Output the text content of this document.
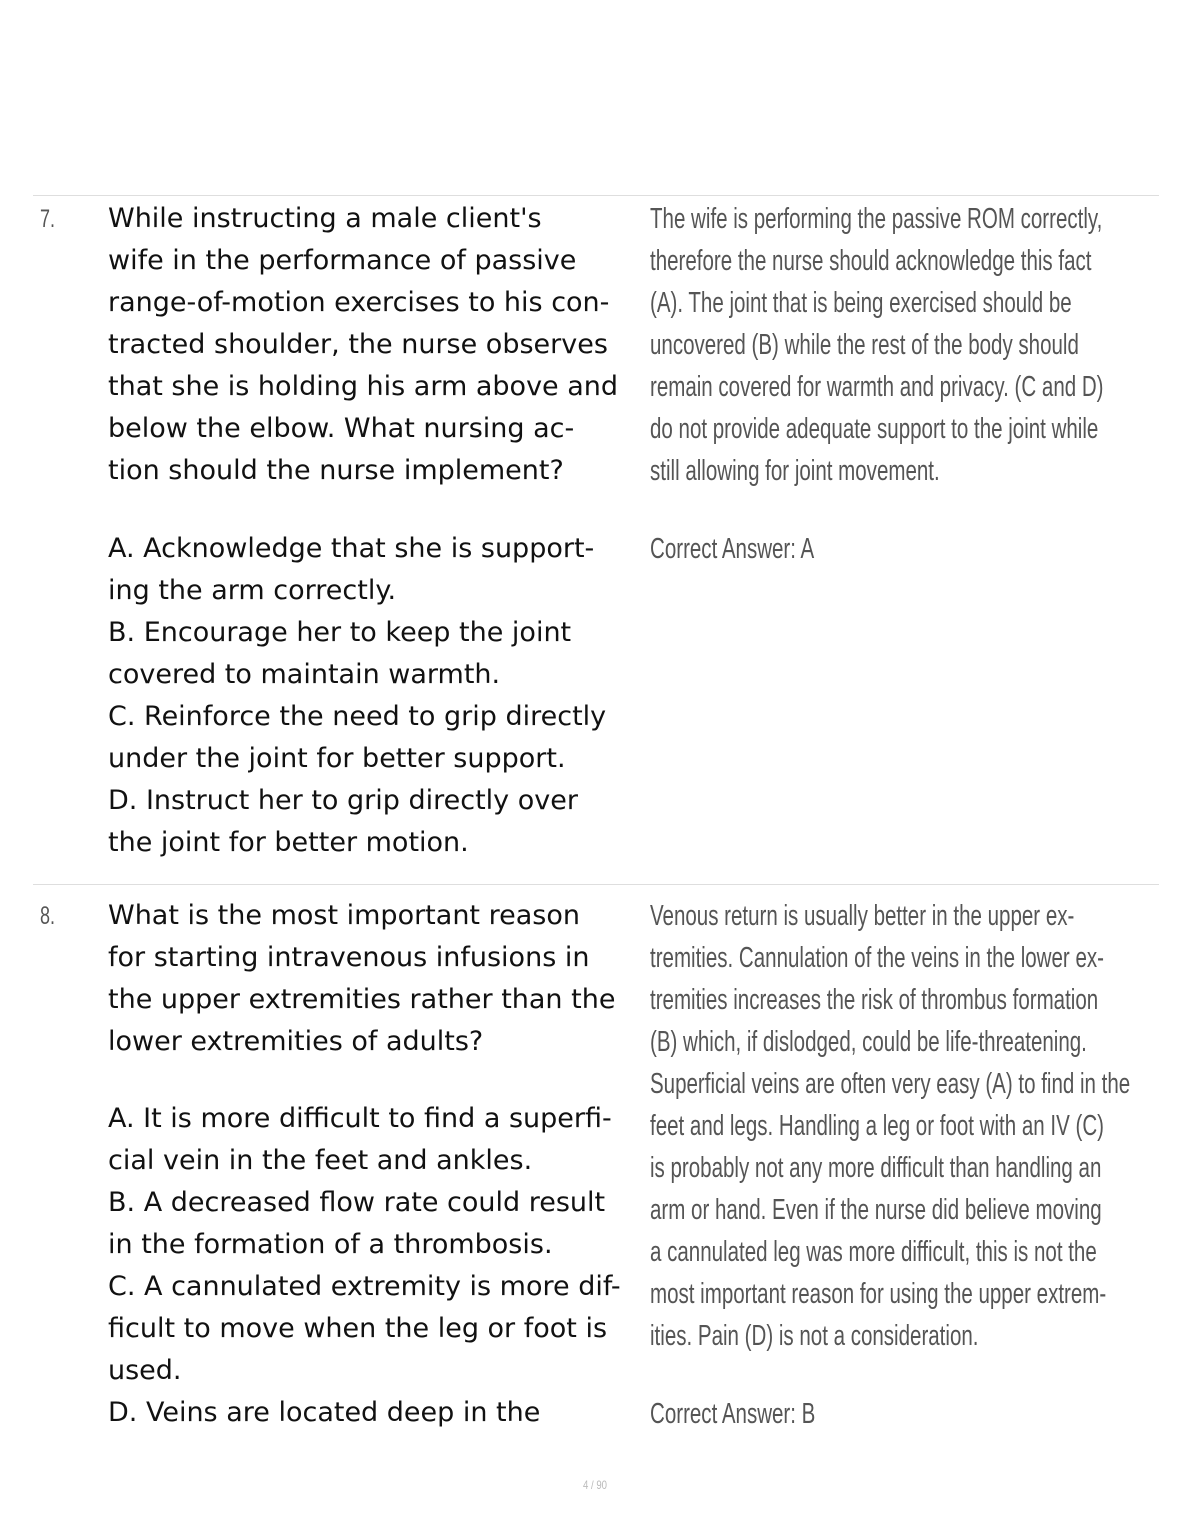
7. While instructing a male client's
wife in the performance of passive
range-of-motion exercises to his con-
tracted shoulder, the nurse observes
that she is holding his arm above and
below the elbow. What nursing ac-
tion should the nurse implement?
A. Acknowledge that she is support-
ing the arm correctly.
B. Encourage her to keep the joint
covered to maintain warmth.
C. Reinforce the need to grip directly
under the joint for better support.
D. Instruct her to grip directly over
the joint for better motion.
The wife is performing the passive ROM correctly,
therefore the nurse should acknowledge this fact
(A). The joint that is being exercised should be
uncovered (B) while the rest of the body should
remain covered for warmth and privacy. (C and D)
do not provide adequate support to the joint while
still allowing for joint movement.
Correct Answer: A
8. What is the most important reason
for starting intravenous infusions in
the upper extremities rather than the
lower extremities of adults?
A. It is more difficult to find a superfi-
cial vein in the feet and ankles.
B. A decreased flow rate could result
in the formation of a thrombosis.
C. A cannulated extremity is more dif-
ficult to move when the leg or foot is
used.
D. Veins are located deep in the
Venous return is usually better in the upper ex-
tremities. Cannulation of the veins in the lower ex-
tremities increases the risk of thrombus formation
(B) which, if dislodged, could be life-threatening.
Superficial veins are often very easy (A) to find in the
feet and legs. Handling a leg or foot with an IV (C)
is probably not any more difficult than handling an
arm or hand. Even if the nurse did believe moving
a cannulated leg was more difficult, this is not the
most important reason for using the upper extrem-
ities. Pain (D) is not a consideration.
Correct Answer: B
4 / 90
